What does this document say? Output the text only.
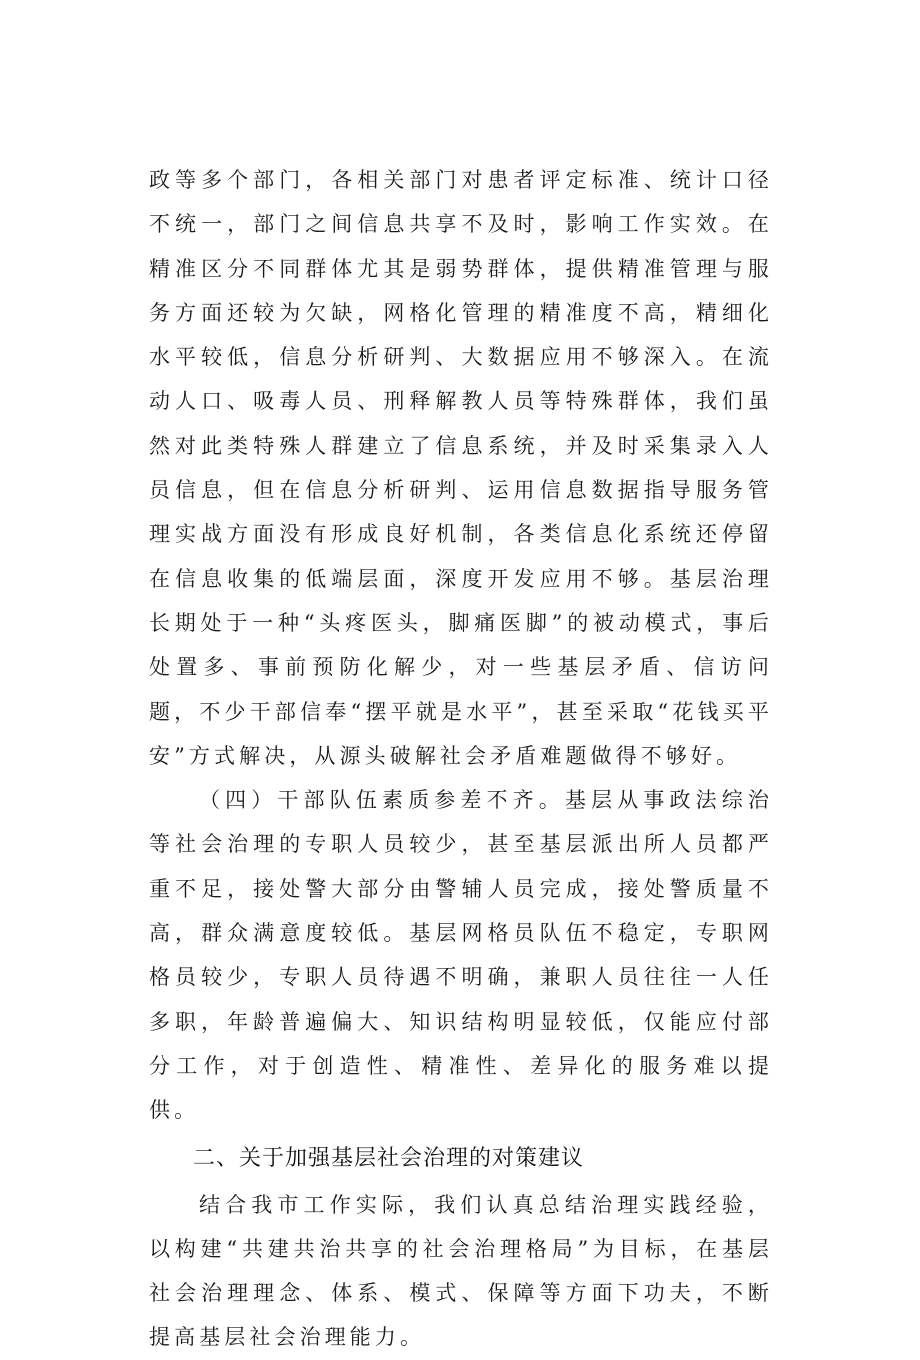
政等多个部门，各相关部门对患者评定标准、统计口径不统一，部门之间信息共享不及时，影响工作实效。在精准区分不同群体尤其是弱势群体，提供精准管理与服务方面还较为欠缺，网格化管理的精准度不高，精细化水平较低，信息分析研判、大数据应用不够深入。在流动人口、吸毒人员、刑释解教人员等特殊群体，我们虽然对此类特殊人群建立了信息系统，并及时采集录入人员信息，但在信息分析研判、运用信息数据指导服务管理实战方面没有形成良好机制，各类信息化系统还停留在信息收集的低端层面，深度开发应用不够。基层治理长期处于一种“头疼医头，脚痛医脚”的被动模式，事后处置多、事前预防化解少，对一些基层矛盾、信访问题，不少干部信奉“摆平就是水平”，甚至采取“花钱买平安”方式解决，从源头破解社会矛盾难题做得不够好。

（四）干部队伍素质参差不齐。基层从事政法综治等社会治理的专职人员较少，甚至基层派出所人员都严重不足，接处警大部分由警辅人员完成，接处警质量不高，群众满意度较低。基层网格员队伍不稳定，专职网格员较少，专职人员待遇不明确，兼职人员往往一人任多职，年龄普遍偏大、知识结构明显较低，仅能应付部分工作，对于创造性、精准性、差异化的服务难以提供。

二、关于加强基层社会治理的对策建议

结合我市工作实际，我们认真总结治理实践经验，以构建“共建共治共享的社会治理格局”为目标，在基层社会治理理念、体系、模式、保障等方面下功夫，不断提高基层社会治理能力。
